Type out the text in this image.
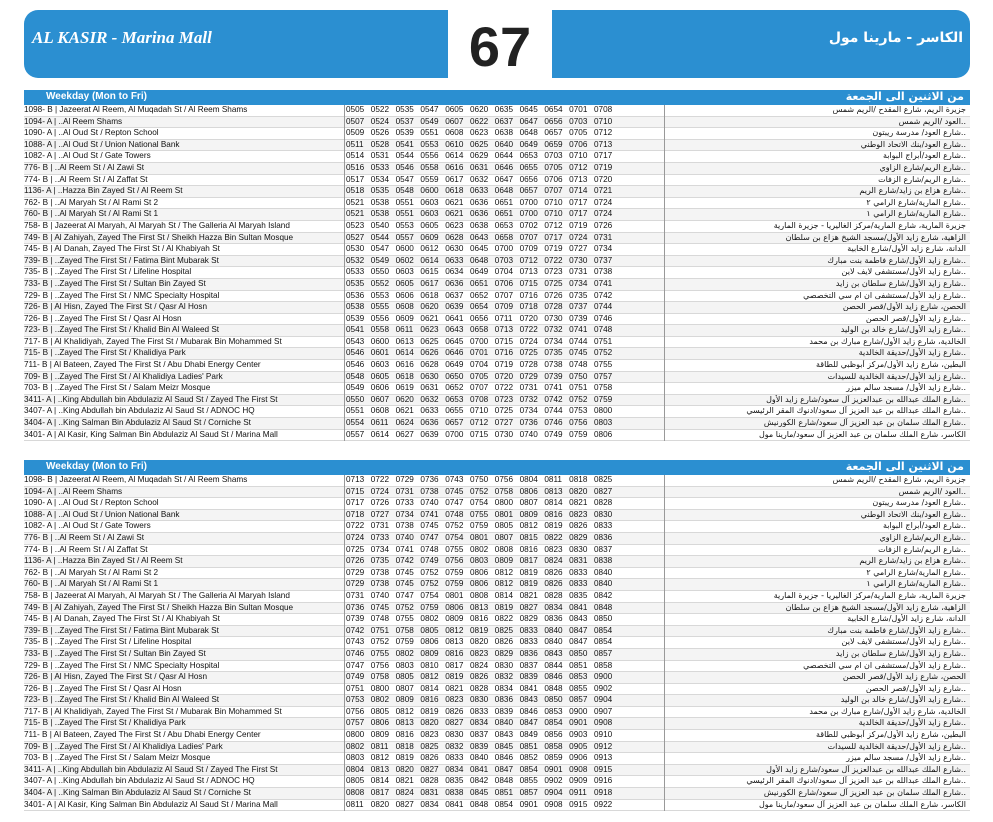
AL KASIR - Marina Mall	الكاسر - مارينا مول
67
Weekday (Mon to Fri)	من الاثنين الى الجمعة
1098- B | Jazeerat Al Reem, Al Muqadah St / Al Reem Shams	0505 0522 0535 0547 0605 0620 0635 0645 0654 0701 0708	جزيرة الريم، شارع المقدح /الريم شمس
1094- A | ..Al Reem Shams	0507 0524 0537 0549 0607 0622 0637 0647 0656 0703 0710	..العود /الريم شمس
1090- A | ..Al Oud St / Repton School	0509 0526 0539 0551 0608 0623 0638 0648 0657 0705 0712	..شارع العود/ مدرسة ريبتون
1088- A | ..Al Oud St / Union National Bank	0511 0528 0541 0553 0610 0625 0640 0649 0659 0706 0713	..شارع العود/بنك الاتحاد الوطني
1082- A | ..Al Oud St / Gate Towers	0514 0531 0544 0556 0614 0629 0644 0653 0703 0710 0717	..شارع العود/أبراج البوابة
776- B | ..Al Reem St / Al Zawi St	0516 0533 0546 0558 0616 0631 0646 0655 0705 0712 0719	..شارع الريم/شارع الزاوي
774- B | ..Al Reem St / Al Zaffat St	0517 0534 0547 0559 0617 0632 0647 0656 0706 0713 0720	..شارع الريم/شارع الزفات
1136- A | ..Hazza Bin Zayed St / Al Reem St	0518 0535 0548 0600 0618 0633 0648 0657 0707 0714 0721	..شارع هزاع بن زايد/شارع الريم
762- B | ..Al Maryah St / Al Rami St 2	0521 0538 0551 0603 0621 0636 0651 0700 0710 0717 0724	..شارع المارية/شارع الرامي ٢
760- B | ..Al Maryah St / Al Rami St 1	0521 0538 0551 0603 0621 0636 0651 0700 0710 0717 0724	..شارع المارية/شارع الرامي ١
758- B | Jazeerat Al Maryah, Al Maryah St / The Galleria Al Maryah Island	0523 0540 0553 0605 0623 0638 0653 0702 0712 0719 0726	جزيرة المارية، شارع المارية/مركز الغاليريا - جزيرة المارية
749- B | Al Zahiyah, Zayed The First St / Sheikh Hazza Bin Sultan Mosque	0527 0544 0557 0609 0628 0643 0658 0707 0717 0724 0731	الزاهية، شارع زايد الأول/مسجد الشيخ هزاع بن سلطان
745- B | Al Danah, Zayed The First St / Al Khabiyah St	0530 0547 0600 0612 0630 0645 0700 0709 0719 0727 0734	الدانة، شارع زايد الأول/شارع الخابية
739- B | ..Zayed The First St / Fatima Bint Mubarak St	0532 0549 0602 0614 0633 0648 0703 0712 0722 0730 0737	..شارع زايد الأول/شارع فاطمة بنت مبارك
735- B | ..Zayed The First St / Lifeline Hospital	0533 0550 0603 0615 0634 0649 0704 0713 0723 0731 0738	..شارع زايد الأول/مستشفى لايف لاين
733- B | ..Zayed The First St / Sultan Bin Zayed St	0535 0552 0605 0617 0636 0651 0706 0715 0725 0734 0741	..شارع زايد الأول/شارع سلطان بن زايد
729- B | ..Zayed The First St / NMC Specialty Hospital	0536 0553 0606 0618 0637 0652 0707 0716 0726 0735 0742	..شارع زايد الأول/مستشفى ان ام سي التخصصي
726- B | Al Hisn, Zayed The First St / Qasr Al Hosn	0538 0555 0608 0620 0639 0654 0709 0718 0728 0737 0744	الحصن، شارع زايد الأول/قصر الحصن
726- B | ..Zayed The First St / Qasr Al Hosn	0539 0556 0609 0621 0641 0656 0711 0720 0730 0739 0746	..شارع زايد الأول/قصر الحصن
723- B | ..Zayed The First St / Khalid Bin Al Waleed St	0541 0558 0611 0623 0643 0658 0713 0722 0732 0741 0748	..شارع زايد الأول/شارع خالد بن الوليد
717- B | Al Khalidiyah, Zayed The First St / Mubarak Bin Mohammed St	0543 0600 0613 0625 0645 0700 0715 0724 0734 0744 0751	الخالدية، شارع زايد الأول/شارع مبارك بن محمد
715- B | ..Zayed The First St / Khalidiya Park	0546 0601 0614 0626 0646 0701 0716 0725 0735 0745 0752	..شارع زايد الأول/حديقة الخالدية
711- B | Al Bateen, Zayed The First St / Abu Dhabi Energy Center	0546 0603 0616 0628 0649 0704 0719 0728 0738 0748 0755	البطين، شارع زايد الأول/مركز أبوظبي للطاقة
709- B | ..Zayed The First St / Al Khalidiya Ladies' Park	0548 0605 0618 0630 0650 0705 0720 0729 0739 0750 0757	..شارع زايد الأول/حديقة الخالدية للسيدات
703- B | ..Zayed The First St / Salam Meizr Mosque	0549 0606 0619 0631 0652 0707 0722 0731 0741 0751 0758	..شارع زايد الأول/ مسجد سالم ميزر
3411- A | ..King Abdullah bin Abdulaziz Al Saud St / Zayed The First St	0550 0607 0620 0632 0653 0708 0723 0732 0742 0752 0759	..شارع الملك عبدالله بن عبدالعزيز آل سعود/شارع زايد الأول
3407- A | ..King Abdullah bin Abdulaziz Al Saud St / ADNOC HQ	0551 0608 0621 0633 0655 0710 0725 0734 0744 0753 0800	..شارع الملك عبدالله بن عبد العزيز آل سعود/ادنوك المقر الرئيسي
3404- A | ..King Salman Bin Abdulaziz Al Saud St / Corniche St	0554 0611 0624 0636 0657 0712 0727 0736 0746 0756 0803	..شارع الملك سلمان بن عبد العزيز آل سعود/شارع الكورنيش
3401- A | Al Kasir, King Salman Bin Abdulaziz Al Saud St / Marina Mall	0557 0614 0627 0639 0700 0715 0730 0740 0749 0759 0806	الكاسر، شارع الملك سلمان بن عبد العزيز آل سعود/مارينا مول
Weekday (Mon to Fri)	من الاثنين الى الجمعة
1098- B | Jazeerat Al Reem, Al Muqadah St / Al Reem Shams	0713 0722 0729 0736 0743 0750 0756 0804 0811 0818 0825	جزيرة الريم، شارع المقدح /الريم شمس
1094- A | ..Al Reem Shams	0715 0724 0731 0738 0745 0752 0758 0806 0813 0820 0827	..العود /الريم شمس
1090- A | ..Al Oud St / Repton School	0717 0726 0733 0740 0747 0754 0800 0807 0814 0821 0828	..شارع العود/ مدرسة ريبتون
1088- A | ..Al Oud St / Union National Bank	0718 0727 0734 0741 0748 0755 0801 0809 0816 0823 0830	..شارع العود/بنك الاتحاد الوطني
1082- A | ..Al Oud St / Gate Towers	0722 0731 0738 0745 0752 0759 0805 0812 0819 0826 0833	..شارع العود/أبراج البوابة
776- B | ..Al Reem St / Al Zawi St	0724 0733 0740 0747 0754 0801 0807 0815 0822 0829 0836	..شارع الريم/شارع الزاوي
774- B | ..Al Reem St / Al Zaffat St	0725 0734 0741 0748 0755 0802 0808 0816 0823 0830 0837	..شارع الريم/شارع الزفات
1136- A | ..Hazza Bin Zayed St / Al Reem St	0726 0735 0742 0749 0756 0803 0809 0817 0824 0831 0838	..شارع هزاع بن زايد/شارع الريم
762- B | ..Al Maryah St / Al Rami St 2	0729 0738 0745 0752 0759 0806 0812 0819 0826 0833 0840	..شارع المارية/شارع الرامي ٢
760- B | ..Al Maryah St / Al Rami St 1	0729 0738 0745 0752 0759 0806 0812 0819 0826 0833 0840	..شارع المارية/شارع الرامي ١
758- B | Jazeerat Al Maryah, Al Maryah St / The Galleria Al Maryah Island	0731 0740 0747 0754 0801 0808 0814 0821 0828 0835 0842	جزيرة المارية، شارع المارية/مركز الغاليريا - جزيرة المارية
749- B | Al Zahiyah, Zayed The First St / Sheikh Hazza Bin Sultan Mosque	0736 0745 0752 0759 0806 0813 0819 0827 0834 0841 0848	الزاهية، شارع زايد الأول/مسجد الشيخ هزاع بن سلطان
745- B | Al Danah, Zayed The First St / Al Khabiyah St	0739 0748 0755 0802 0809 0816 0822 0829 0836 0843 0850	الدانة، شارع زايد الأول/شارع الخابية
739- B | ..Zayed The First St / Fatima Bint Mubarak St	0742 0751 0758 0805 0812 0819 0825 0833 0840 0847 0854	..شارع زايد الأول/شارع فاطمة بنت مبارك
735- B | ..Zayed The First St / Lifeline Hospital	0743 0752 0759 0806 0813 0820 0826 0833 0840 0847 0854	..شارع زايد الأول/مستشفى لايف لاين
733- B | ..Zayed The First St / Sultan Bin Zayed St	0746 0755 0802 0809 0816 0823 0829 0836 0843 0850 0857	..شارع زايد الأول/شارع سلطان بن زايد
729- B | ..Zayed The First St / NMC Specialty Hospital	0747 0756 0803 0810 0817 0824 0830 0837 0844 0851 0858	..شارع زايد الأول/مستشفى ان ام سي التخصصي
726- B | Al Hisn, Zayed The First St / Qasr Al Hosn	0749 0758 0805 0812 0819 0826 0832 0839 0846 0853 0900	الحصن، شارع زايد الأول/قصر الحصن
726- B | ..Zayed The First St / Qasr Al Hosn	0751 0800 0807 0814 0821 0828 0834 0841 0848 0855 0902	..شارع زايد الأول/قصر الحصن
723- B | ..Zayed The First St / Khalid Bin Al Waleed St	0753 0802 0809 0816 0823 0830 0836 0843 0850 0857 0904	..شارع زايد الأول/شارع خالد بن الوليد
717- B | Al Khalidiyah, Zayed The First St / Mubarak Bin Mohammed St	0756 0805 0812 0819 0826 0833 0839 0846 0853 0900 0907	الخالدية، شارع زايد الأول/شارع مبارك بن محمد
715- B | ..Zayed The First St / Khalidiya Park	0757 0806 0813 0820 0827 0834 0840 0847 0854 0901 0908	..شارع زايد الأول/حديقة الخالدية
711- B | Al Bateen, Zayed The First St / Abu Dhabi Energy Center	0800 0809 0816 0823 0830 0837 0843 0849 0856 0903 0910	البطين، شارع زايد الأول/مركز أبوظبي للطاقة
709- B | ..Zayed The First St / Al Khalidiya Ladies' Park	0802 0811 0818 0825 0832 0839 0845 0851 0858 0905 0912	..شارع زايد الأول/حديقة الخالدية للسيدات
703- B | ..Zayed The First St / Salam Meizr Mosque	0803 0812 0819 0826 0833 0840 0846 0852 0859 0906 0913	..شارع زايد الأول/ مسجد سالم ميزر
3411- A | ..King Abdullah bin Abdulaziz Al Saud St / Zayed The First St	0804 0813 0820 0827 0834 0841 0847 0854 0901 0908 0915	..شارع الملك عبدالله بن عبدالعزيز آل سعود/شارع زايد الأول
3407- A | ..King Abdullah bin Abdulaziz Al Saud St / ADNOC HQ	0805 0814 0821 0828 0835 0842 0848 0855 0902 0909 0916	..شارع الملك عبدالله بن عبد العزيز آل سعود/ادنوك المقر الرئيسي
3404- A | ..King Salman Bin Abdulaziz Al Saud St / Corniche St	0808 0817 0824 0831 0838 0845 0851 0857 0904 0911 0918	..شارع الملك سلمان بن عبد العزيز آل سعود/شارع الكورنيش
3401- A | Al Kasir, King Salman Bin Abdulaziz Al Saud St / Marina Mall	0811 0820 0827 0834 0841 0848 0854 0901 0908 0915 0922	الكاسر، شارع الملك سلمان بن عبد العزيز آل سعود/مارينا مول
